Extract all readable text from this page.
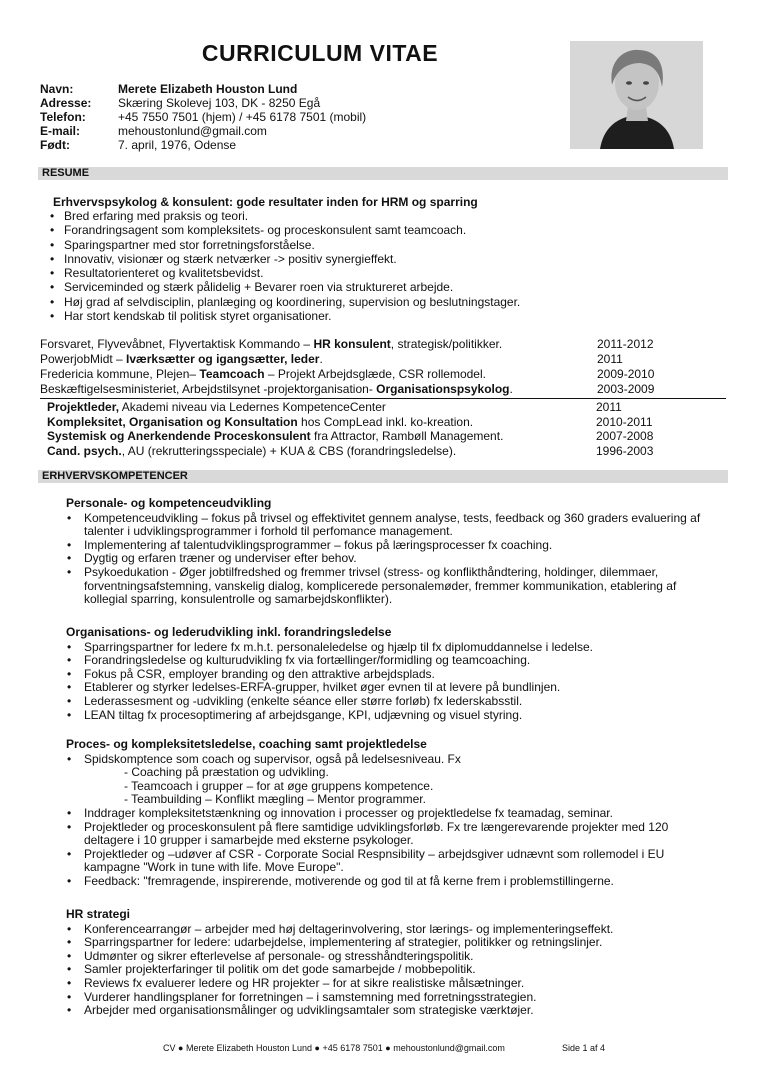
CURRICULUM VITAE
Navn:	Merete Elizabeth Houston Lund
Adresse:	Skæring Skolevej 103, DK - 8250 Egå
Telefon:	+45 7550 7501 (hjem) / +45 6178 7501 (mobil)
E-mail:	mehoustonlund@gmail.com
Født:	7. april, 1976, Odense
RESUME
Erhvervspsykolog & konsulent: gode resultater inden for HRM og sparring
• Bred erfaring med praksis og teori.
• Forandringsagent som kompleksitets- og proceskonsulent samt teamcoach.
• Sparingspartner med stor forretningsforståelse.
• Innovativ, visionær og stærk netværker -> positiv synergieffekt.
• Resultatorienteret og kvalitetsbevidst.
• Serviceminded og stærk pålidelig + Bevarer roen via struktureret arbejde.
• Høj grad af selvdisciplin, planlæging og koordinering, supervision og beslutningstager.
• Har stort kendskab til politisk styret organisationer.
Forsvaret, Flyvevåbnet, Flyvertaktisk Kommando – HR konsulent, strategisk/politikker.	2011-2012
PowerjobMidt – Iværksætter og igangsætter, leder.	2011
Fredericia kommune, Plejen– Teamcoach – Projekt Arbejdsglæde, CSR rollemodel.	2009-2010
Beskæftigelsesministeriet, Arbejdstilsynet -projektorganisation- Organisationspsykolog.	2003-2009
Projektleder, Akademi niveau via Ledernes KompetenceCenter	2011
Kompleksitet, Organisation og Konsultation hos CompLead inkl. ko-kreation.	2010-2011
Systemisk og Anerkendende Proceskonsulent fra Attractor, Rambøll Management.	2007-2008
Cand. psych., AU (rekrutteringsspeciale) + KUA & CBS (forandringsledelse).	1996-2003
ERHVERVSKOMPETENCER
Personale- og kompetenceudvikling
• Kompetenceudvikling – fokus på trivsel og effektivitet gennem analyse, tests, feedback og 360 graders evaluering af talenter i udviklingsprogrammer i forhold til perfomance management.
• Implementering af talentudviklingsprogrammer – fokus på læringsprocesser fx coaching.
• Dygtig og erfaren træner og underviser efter behov.
• Psykoedukation - Øger jobtilfredshed og fremmer trivsel (stress- og konflikthåndtering, holdinger, dilemmaer, forventningsafstemning, vanskelig dialog, komplicerede personalemøder, fremmer kommunikation, etablering af kollegial sparring, konsulentrolle og samarbejdskonflikter).
Organisations- og lederudvikling inkl. forandringsledelse
• Sparringspartner for ledere fx m.h.t. personaleledelse og hjælp til fx diplomuddannelse i ledelse.
• Forandringsledelse og kulturudvikling fx via fortællinger/formidling og teamcoaching.
• Fokus på CSR, employer branding og den attraktive arbejdsplads.
• Etablerer og styrker ledelses-ERFA-grupper, hvilket øger evnen til at levere på bundlinjen.
• Lederassesment og -udvikling (enkelte séance eller større forløb) fx lederskabsstil.
• LEAN tiltag fx procesoptimering af arbejdsgange, KPI, udjævning og visuel styring.
Proces- og kompleksitetsledelse, coaching samt projektledelse
• Spidskomptence som coach og supervisor, også på ledelsesniveau. Fx
- Coaching på præstation og udvikling.
- Teamcoach i grupper – for at øge gruppens kompetence.
- Teambuilding – Konflikt mægling – Mentor programmer.
• Inddrager kompleksitetstænkning og innovation i processer og projektledelse fx teamadag, seminar.
• Projektleder og proceskonsulent på flere samtidige udviklingsforløb. Fx tre længerevarende projekter med 120 deltagere i 10 grupper i samarbejde med eksterne psykologer.
• Projektleder og –udøver af CSR - Corporate Social Respnsibility – arbejdsgiver udnævnt som rollemodel i EU kampagne "Work in tune with life. Move Europe".
• Feedback: "fremragende, inspirerende, motiverende og god til at få kerne frem i problemstillingerne.
HR strategi
• Konferencearrangør – arbejder med høj deltagerinvolvering, stor lærings- og implementeringseffekt.
• Sparringspartner for ledere: udarbejdelse, implementering af strategier, politikker og retningslinjer.
• Udmønter og sikrer efterlevelse af personale- og stresshåndteringspolitik.
• Samler projekterfaringer til politik om det gode samarbejde / mobbepolitik.
• Reviews fx evaluerer ledere og HR projekter – for at sikre realistiske målsætninger.
• Vurderer handlingsplaner for forretningen – i samstemning med forretningsstrategien.
• Arbejder med organisationsmålinger og udviklingsamtaler som strategiske værktøjer.
CV ● Merete Elizabeth Houston Lund ● +45 6178 7501 ● mehoustonlund@gmail.com	Side 1 af 4
